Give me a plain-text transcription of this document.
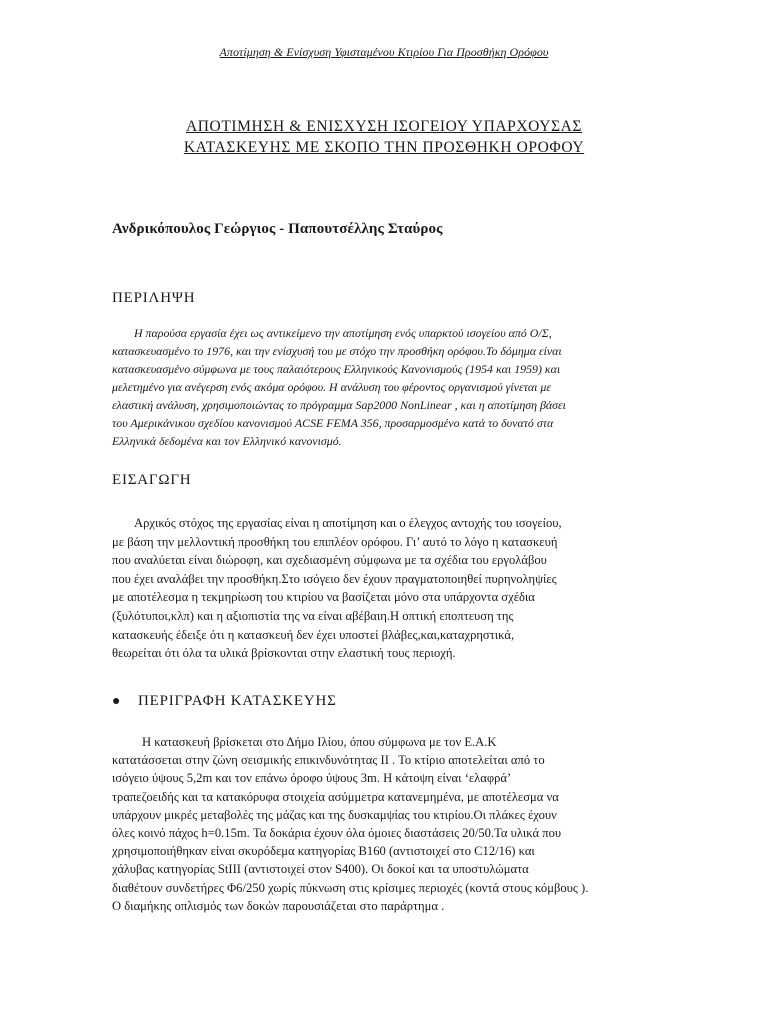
Αποτίμηση & Ενίσχυση Υφισταμένου Κτιρίου Για Προσθήκη Ορόφου
ΑΠΟΤΙΜΗΣΗ & ΕΝΙΣΧΥΣΗ ΙΣΟΓΕΙΟΥ ΥΠΑΡΧΟΥΣΑΣ
ΚΑΤΑΣΚΕΥΗΣ ΜΕ ΣΚΟΠΟ ΤΗΝ ΠΡΟΣΘΗΚΗ ΟΡΟΦΟΥ
Ανδρικόπουλος Γεώργιος - Παπουτσέλλης Σταύρος
ΠΕΡΙΛΗΨΗ
Η παρούσα εργασία έχει ως αντικείμενο την αποτίμηση ενός υπαρκτού ισογείου από Ο/Σ,
κατασκευασμένο το 1976, και την ενίσχυσή του με στόχο την προσθήκη ορόφου.Το δόμημα είναι
κατασκευασμένο σύμφωνα με τους παλαιότερους Ελληνικούς Κανονισμούς (1954 και 1959) και
μελετημένο για ανέγερση ενός ακόμα ορόφου. Η ανάλυση του φέροντος οργανισμού γίνεται με
ελαστική ανάλυση, χρησιμοποιώντας το πρόγραμμα Sap2000 NonLinear , και η αποτίμηση βάσει
του Αμερικάνικου σχεδίου κανονισμού ACSE FEMA 356, προσαρμοσμένο κατά το δυνατό στα
Ελληνικά δεδομένα και τον Ελληνικό κανονισμό.
ΕΙΣΑΓΩΓΗ
Αρχικός στόχος της εργασίας είναι η αποτίμηση και ο έλεγχος αντοχής του ισογείου,
με βάση την μελλοντική προσθήκη του επιπλέον ορόφου. Γι’ αυτό το λόγο η κατασκευή
που αναλύεται είναι διώροφη, και σχεδιασμένη σύμφωνα με τα σχέδια του εργολάβου
που έχει αναλάβει την προσθήκη.Στο ισόγειο δεν έχουν πραγματοποιηθεί πυρηνοληψίες
με αποτέλεσμα η τεκμηρίωση του κτιρίου να βασίζεται μόνο στα υπάρχοντα σχέδια
(ξυλότυποι,κλπ) και η αξιοπιστία της να είναι αβέβαιη.Η οπτική εποπτευση της
κατασκευής έδειξε ότι η κατασκευή δεν έχει υποστεί βλάβες,και,καταχρηστικά,
θεωρείται ότι όλα τα υλικά βρίσκονται στην ελαστική τους περιοχή.
● ΠΕΡΙΓΡΑΦΗ ΚΑΤΑΣΚΕΥΗΣ
Η κατασκευή βρίσκεται στο Δήμο Ιλίου, όπου σύμφωνα με τον Ε.Α.Κ
κατατάσσεται στην ζώνη σεισμικής επικινδυνότητας ΙΙ . Το κτίριο αποτελείται από το
ισόγειο ύψους 5,2m και τον επάνω όροφο ύψους 3m. Η κάτοψη είναι ‘ελαφρά’
τραπεζοειδής και τα κατακόρυφα στοιχεία ασύμμετρα κατανεμημένα, με αποτέλεσμα να
υπάρχουν μικρές μεταβολές της μάζας και της δυσκαμψίας του κτιρίου.Οι πλάκες έχουν
όλες κοινό πάχος h=0.15m. Τα δοκάρια έχουν όλα όμοιες διαστάσεις 20/50.Τα υλικά που
χρησιμοποιήθηκαν είναι σκυρόδεμα κατηγορίας Β160 (αντιστοιχεί στο C12/16) και
χάλυβας κατηγορίας StIII (αντιστοιχεί στον S400). Οι δοκοί και τα υποστυλώματα
διαθέτουν συνδετήρες Φ6/250 χωρίς πύκνωση στις κρίσιμες περιοχές (κοντά στους κόμβους ).
Ο διαμήκης οπλισμός των δοκών παρουσιάζεται στο παράρτημα .
